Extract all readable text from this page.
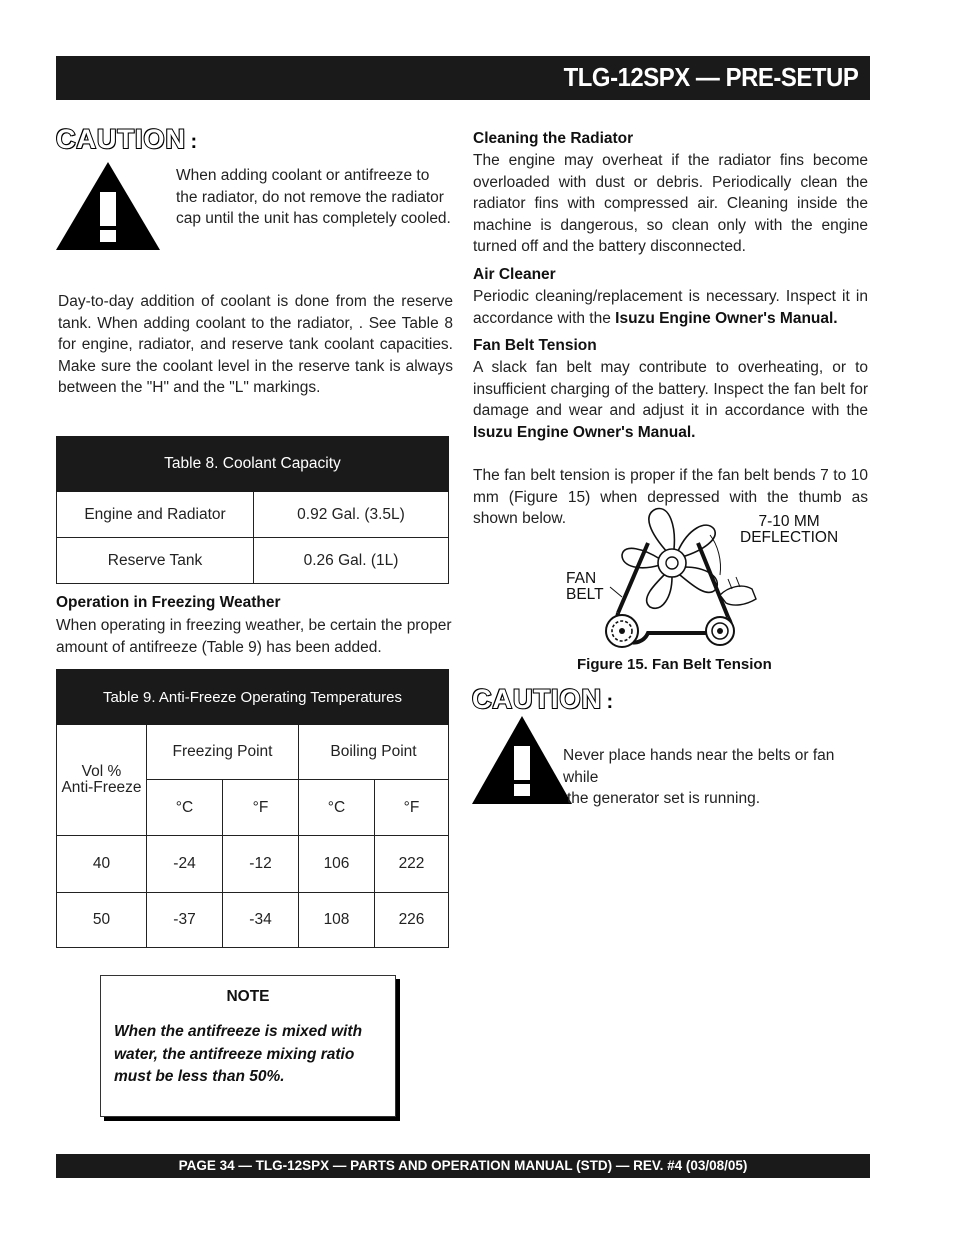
TLG-12SPX — PRE-SETUP
CAUTION :
When adding coolant or antifreeze to the radiator, do not remove the radiator cap until the unit has completely cooled.
Day-to-day addition of coolant is done from the reserve tank. When adding coolant to the radiator, . See Table 8 for engine, radiator, and reserve tank coolant capacities. Make sure the coolant level in the reserve tank is always between the "H" and the "L" markings.
Table 8. Coolant Capacity	
Engine and Radiator	0.92 Gal. (3.5L)
Reserve Tank	0.26 Gal. (1L)
Operation in Freezing Weather
When operating in freezing weather, be certain the proper amount of antifreeze (Table 9) has been added.
Table 9. Anti-Freeze Operating Temperatures				

Vol %
Anti-Freeze	Freezing Point		Boiling Point	
	°C	°F	°C	°F
40	-24	-12	106	222
50	-37	-34	108	226
NOTE
When the antifreeze is mixed with water, the antifreeze mixing ratio must be less than 50%.
Cleaning the Radiator
The engine may overheat if the radiator fins become overloaded with dust or debris. Periodically clean the radiator fins with compressed air. Cleaning inside the machine is dangerous, so clean only with the engine turned off and the battery disconnected.
Air Cleaner
Periodic cleaning/replacement is necessary. Inspect it in accordance with the Isuzu Engine Owner's Manual.
Fan Belt Tension
A slack fan belt may contribute to overheating, or to insufficient charging of the battery. Inspect the fan belt for damage and wear and adjust it in accordance with the Isuzu Engine Owner's Manual.
The fan belt tension is proper if the fan belt bends 7 to 10 mm (Figure 15) when depressed with the thumb as shown below.	7-10 MM
DEFLECTION
FAN
BELT
Figure 15. Fan Belt Tension
CAUTION :
Never place hands near the belts or fan while
the generator set is running.
PAGE 34 — TLG-12SPX — PARTS AND OPERATION MANUAL (STD) — REV. #4 (03/08/05)
